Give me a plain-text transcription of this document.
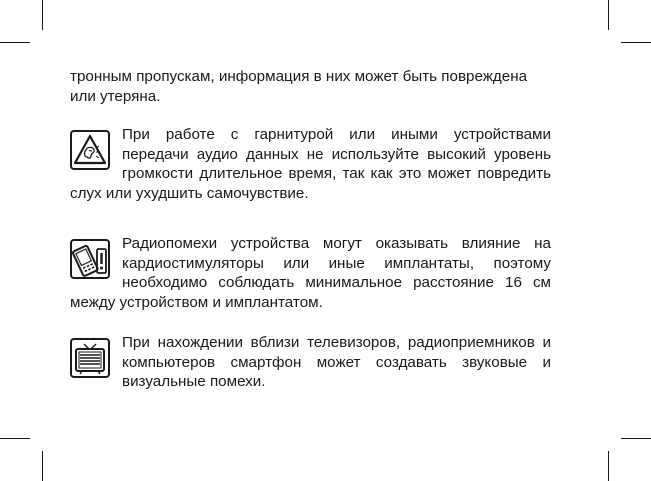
тронным пропускам, информация в них может быть повреждена или утеряна.
При работе с гарнитурой или иными устройствами передачи аудио данных не используйте высокий уровень громкости длительное время, так как это может повредить слух или ухудшить самочувствие.
Радиопомехи устройства могут оказывать влияние на кардиостимуляторы или иные имплантаты, поэтому необходимо соблюдать минимальное расстояние 16 см между устройством и имплантатом.
При нахождении вблизи телевизоров, радиоприемников и компьютеров смартфон может создавать звуковые и визуальные помехи.
